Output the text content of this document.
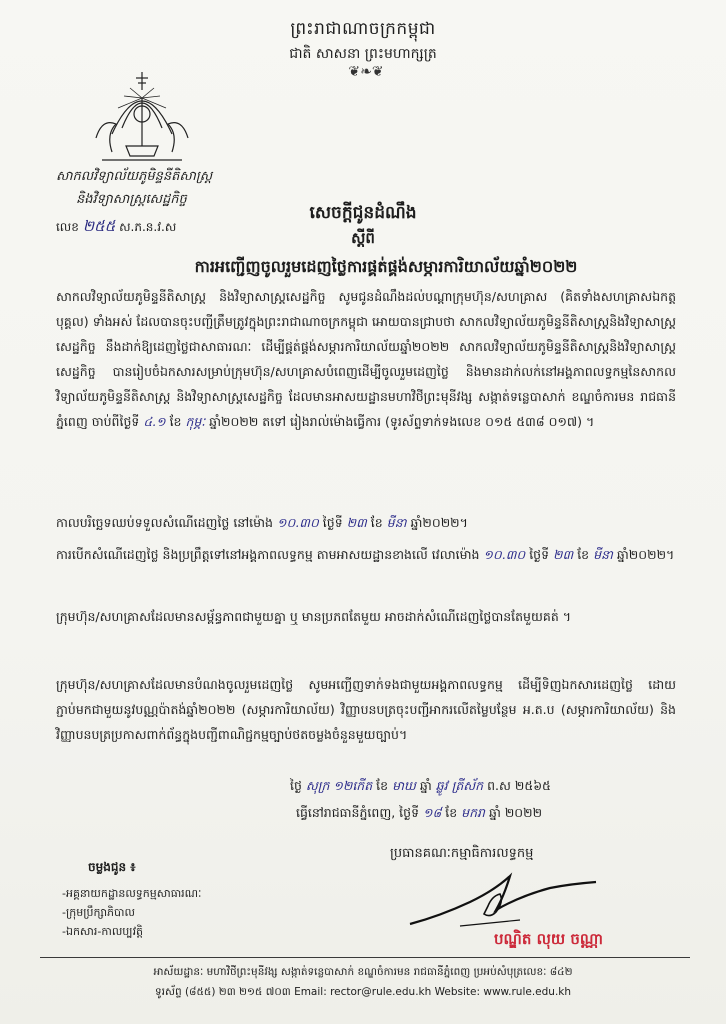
ព្រះរាជាណាចក្រកម្ពុជា
ជាតិ សាសនា ព្រះមហាក្សត្រ
❦❧❦
សាកលវិទ្យាល័យភូមិន្ទនីតិសាស្ត្រ
និងវិទ្យាសាស្ត្រសេដ្ឋកិច្ច
លេខ ២៥៥ ស.ភ.ន.វ.ស
សេចក្តីជូនដំណឹង
ស្តីពី
ការអញ្ជើញចូលរួមដេញថ្លៃការផ្គត់ផ្គង់សម្ភារការិយាល័យឆ្នាំ២០២២
សាកលវិទ្យាល័យភូមិន្ទនីតិសាស្ត្រ និងវិទ្យាសាស្ត្រសេដ្ឋកិច្ច សូមជូនដំណឹងដល់បណ្តាក្រុមហ៊ុន/សហគ្រាស (គិតទាំងសហគ្រាសឯកត្តបុគ្គល) ទាំងអស់ ដែលបានចុះបញ្ជីត្រឹមត្រូវក្នុងព្រះរាជាណាចក្រកម្ពុជា អោយបានជ្រាបថា សាកលវិទ្យាល័យភូមិន្ទនីតិសាស្ត្រនិងវិទ្យាសាស្ត្រសេដ្ឋកិច្ច នឹងដាក់ឱ្យដេញថ្លៃជាសាធារណៈ ដើម្បីផ្គត់ផ្គង់សម្ភារការិយាល័យឆ្នាំ២០២២ សាកលវិទ្យាល័យភូមិន្ទនីតិសាស្ត្រនិងវិទ្យាសាស្ត្រសេដ្ឋកិច្ច បានរៀបចំឯកសារសម្រាប់ក្រុមហ៊ុន/សហគ្រាសបំពេញដើម្បីចូលរួមដេញថ្លៃ និងមានដាក់លក់នៅអង្គភាពលទ្ធកម្មនៃសាកលវិទ្យាល័យភូមិន្ទនីតិសាស្ត្រ និងវិទ្យាសាស្ត្រសេដ្ឋកិច្ច ដែលមានអាសយដ្ឋានមហាវិថីព្រះមុនីវង្ស សង្កាត់ទន្លេបាសាក់ ខណ្ឌចំការមន រាជធានីភ្នំពេញ ចាប់ពីថ្ងៃទី ៤.១ ខែ កុម្ភៈ ឆ្នាំ២០២២ តទៅ រៀងរាល់ម៉ោងធ្វើការ (ទូរស័ព្ទទាក់ទងលេខ ០១៥ ៥៣៨ ០១៧) ។
កាលបរិច្ឆេទឈប់ទទួលសំណើដេញថ្លៃ នៅម៉ោង ១០.៣០ ថ្ងៃទី ២៣ ខែ មីនា ឆ្នាំ២០២២។
ការបើកសំណើដេញថ្លៃ និងប្រព្រឹត្តទៅនៅអង្គភាពលទ្ធកម្ម តាមអាសយដ្ឋានខាងលើ វេលាម៉ោង ១០.៣០ ថ្ងៃទី ២៣ ខែ មីនា ឆ្នាំ២០២២។
ក្រុមហ៊ុន/សហគ្រាសដែលមានសម្ព័ន្ធភាពជាមួយគ្នា ឬ មានប្រភពតែមួយ អាចដាក់សំណើដេញថ្លៃបានតែមួយគត់ ។
ក្រុមហ៊ុន/សហគ្រាសដែលមានបំណងចូលរួមដេញថ្លៃ សូមអញ្ជើញទាក់ទងជាមួយអង្គភាពលទ្ធកម្ម ដើម្បីទិញឯកសារដេញថ្លៃ ដោយភ្ជាប់មកជាមួយនូវបណ្ណប៉ាតង់ឆ្នាំ២០២២ (សម្ភារការិយាល័យ) វិញ្ញាបនបត្រចុះបញ្ជីអាករលើតម្លៃបន្ថែម អ.ត.ប (សម្ភារការិយាល័យ) និងវិញ្ញាបនបត្រប្រកាសពាក់ព័ន្ធក្នុងបញ្ជីពាណិជ្ជកម្មច្បាប់ថតចម្លងចំនួនមួយច្បាប់។
ថ្ងៃ សុក្រ ១២កើត ខែ មាឃ ឆ្នាំ ឆ្លូវ ត្រីស័ក ព.ស ២៥៦៥
ធ្វើនៅរាជធានីភ្នំពេញ, ថ្ងៃទី ១៨ ខែ មករា ឆ្នាំ ២០២២
ប្រធានគណៈកម្មាធិការលទ្ធកម្ម
ចម្លងជូន ៖
-អគ្គនាយកដ្ឋានលទ្ធកម្មសាធារណៈ
-ក្រុមប្រឹក្សាភិបាល
-ឯកសារ-កាលប្បវត្តិ	បណ្ឌិត លុយ ចណ្ណា
អាស័យដ្ឋានៈ មហាវិថីព្រះមុនីវង្ស សង្កាត់ទន្លេបាសាក់ ខណ្ឌចំការមន រាជធានីភ្នំពេញ ប្រអប់សំបុត្រលេខៈ ៨៤២
ទូរស័ព្ទ (៨៥៥) ២៣ ២១៥ ៧០៣ Email: rector@rule.edu.kh Website: www.rule.edu.kh
